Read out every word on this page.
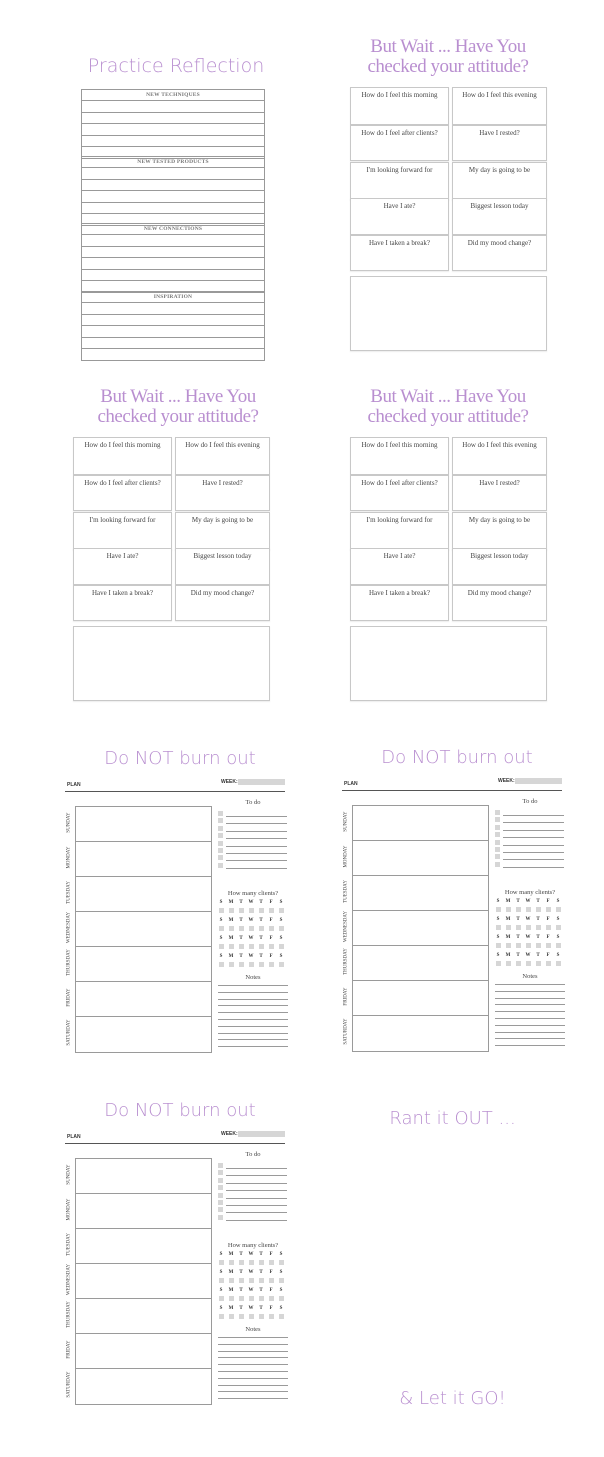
Practice Reflection
NEW TECHNIQUES
NEW TESTED PRODUCTS
NEW CONNECTIONS
INSPIRATION
But Wait ... Have You
checked your attitude?
How do I feel this morning	How do I feel this evening
How do I feel after clients?	Have I rested?
I'm looking forward for	My day is going to be
Have I ate?	Biggest lesson today
Have I taken a break?	Did my mood change?
But Wait ... Have You
checked your attitude?
How do I feel this morning	How do I feel this evening
How do I feel after clients?	Have I rested?
I'm looking forward for	My day is going to be
Have I ate?	Biggest lesson today
Have I taken a break?	Did my mood change?
But Wait ... Have You
checked your attitude?
How do I feel this morning	How do I feel this evening
How do I feel after clients?	Have I rested?
I'm looking forward for	My day is going to be
Have I ate?	Biggest lesson today
Have I taken a break?	Did my mood change?
Do NOT burn out
PLAN	WEEK:
SUNDAY
MONDAY
TUESDAY
WEDNESDAY
THURSDAY
FRIDAY
SATURDAY
To do
How many clients?
S	M	T	W	T	F	S
S	M	T	W	T	F	S
S	M	T	W	T	F	S
S	M	T	W	T	F	S
Notes
Do NOT burn out
PLAN	WEEK:
SUNDAY
MONDAY
TUESDAY
WEDNESDAY
THURSDAY
FRIDAY
SATURDAY
To do
How many clients?
S	M	T	W	T	F	S
S	M	T	W	T	F	S
S	M	T	W	T	F	S
S	M	T	W	T	F	S
Notes
Do NOT burn out
PLAN	WEEK:
SUNDAY
MONDAY
TUESDAY
WEDNESDAY
THURSDAY
FRIDAY
SATURDAY
To do
How many clients?
S	M	T	W	T	F	S
S	M	T	W	T	F	S
S	M	T	W	T	F	S
S	M	T	W	T	F	S
Notes
Rant it OUT ...
& Let it GO!
